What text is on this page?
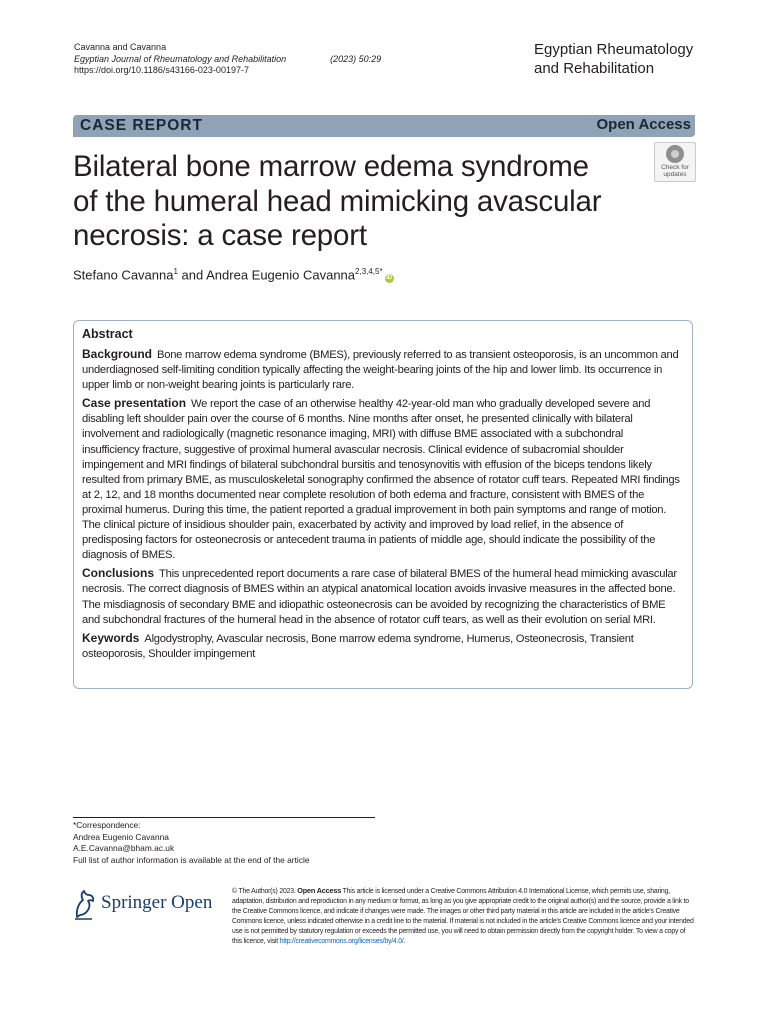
Cavanna and Cavanna
Egyptian Journal of Rheumatology and Rehabilitation	(2023) 50:29
https://doi.org/10.1186/s43166-023-00197-7
Egyptian Rheumatology
and Rehabilitation
CASE REPORT	Open Access
Bilateral bone marrow edema syndrome
of the humeral head mimicking avascular
necrosis: a case report
Check for
updates
Stefano Cavanna$^1$ and Andrea Eugenio Cavanna$^{2,3,4,5*}$iD
Abstract

Background Bone marrow edema syndrome (BMES), previously referred to as transient osteoporosis, is an uncommon and underdiagnosed self-limiting condition typically affecting the weight-bearing joints of the hip and lower limb. Its occurrence in upper limb or non-weight bearing joints is particularly rare.

Case presentation We report the case of an otherwise healthy 42-year-old man who gradually developed severe and disabling left shoulder pain over the course of 6 months. Nine months after onset, he presented clinically with bilateral involvement and radiologically (magnetic resonance imaging, MRI) with diffuse BME associated with a subchondral insufficiency fracture, suggestive of proximal humeral avascular necrosis. Clinical evidence of subacromial shoulder impingement and MRI findings of bilateral subchondral bursitis and tenosynovitis with effusion of the biceps tendons likely resulted from primary BME, as musculoskeletal sonography confirmed the absence of rotator cuff tears. Repeated MRI findings at 2, 12, and 18 months documented near complete resolution of both edema and fracture, consistent with BMES of the proximal humerus. During this time, the patient reported a gradual improvement in both pain symptoms and range of motion. The clinical picture of insidious shoulder pain, exacerbated by activity and improved by load relief, in the absence of predisposing factors for osteonecrosis or antecedent trauma in patients of middle age, should indicate the possibility of the diagnosis of BMES.

Conclusions This unprecedented report documents a rare case of bilateral BMES of the humeral head mimicking avascular necrosis. The correct diagnosis of BMES within an atypical anatomical location avoids invasive measures in the affected bone. The misdiagnosis of secondary BME and idiopathic osteonecrosis can be avoided by recognizing the characteristics of BME and subchondral fractures of the humeral head in the absence of rotator cuff tears, as well as their evolution on serial MRI.

Keywords Algodystrophy, Avascular necrosis, Bone marrow edema syndrome, Humerus, Osteonecrosis, Transient osteoporosis, Shoulder impingement

*Correspondence:
Andrea Eugenio Cavanna
A.E.Cavanna@bham.ac.uk
Full list of author information is available at the end of the article
Springer Open
© The Author(s) 2023. Open Access This article is licensed under a Creative Commons Attribution 4.0 International License, which permits use, sharing, adaptation, distribution and reproduction in any medium or format, as long as you give appropriate credit to the original author(s) and the source, provide a link to the Creative Commons licence, and indicate if changes were made. The images or other third party material in this article are included in the article's Creative Commons licence, unless indicated otherwise in a credit line to the material. If material is not included in the article's Creative Commons licence and your intended use is not permitted by statutory regulation or exceeds the permitted use, you will need to obtain permission directly from the copyright holder. To view a copy of this licence, visit http://creativecommons.org/licenses/by/4.0/.
